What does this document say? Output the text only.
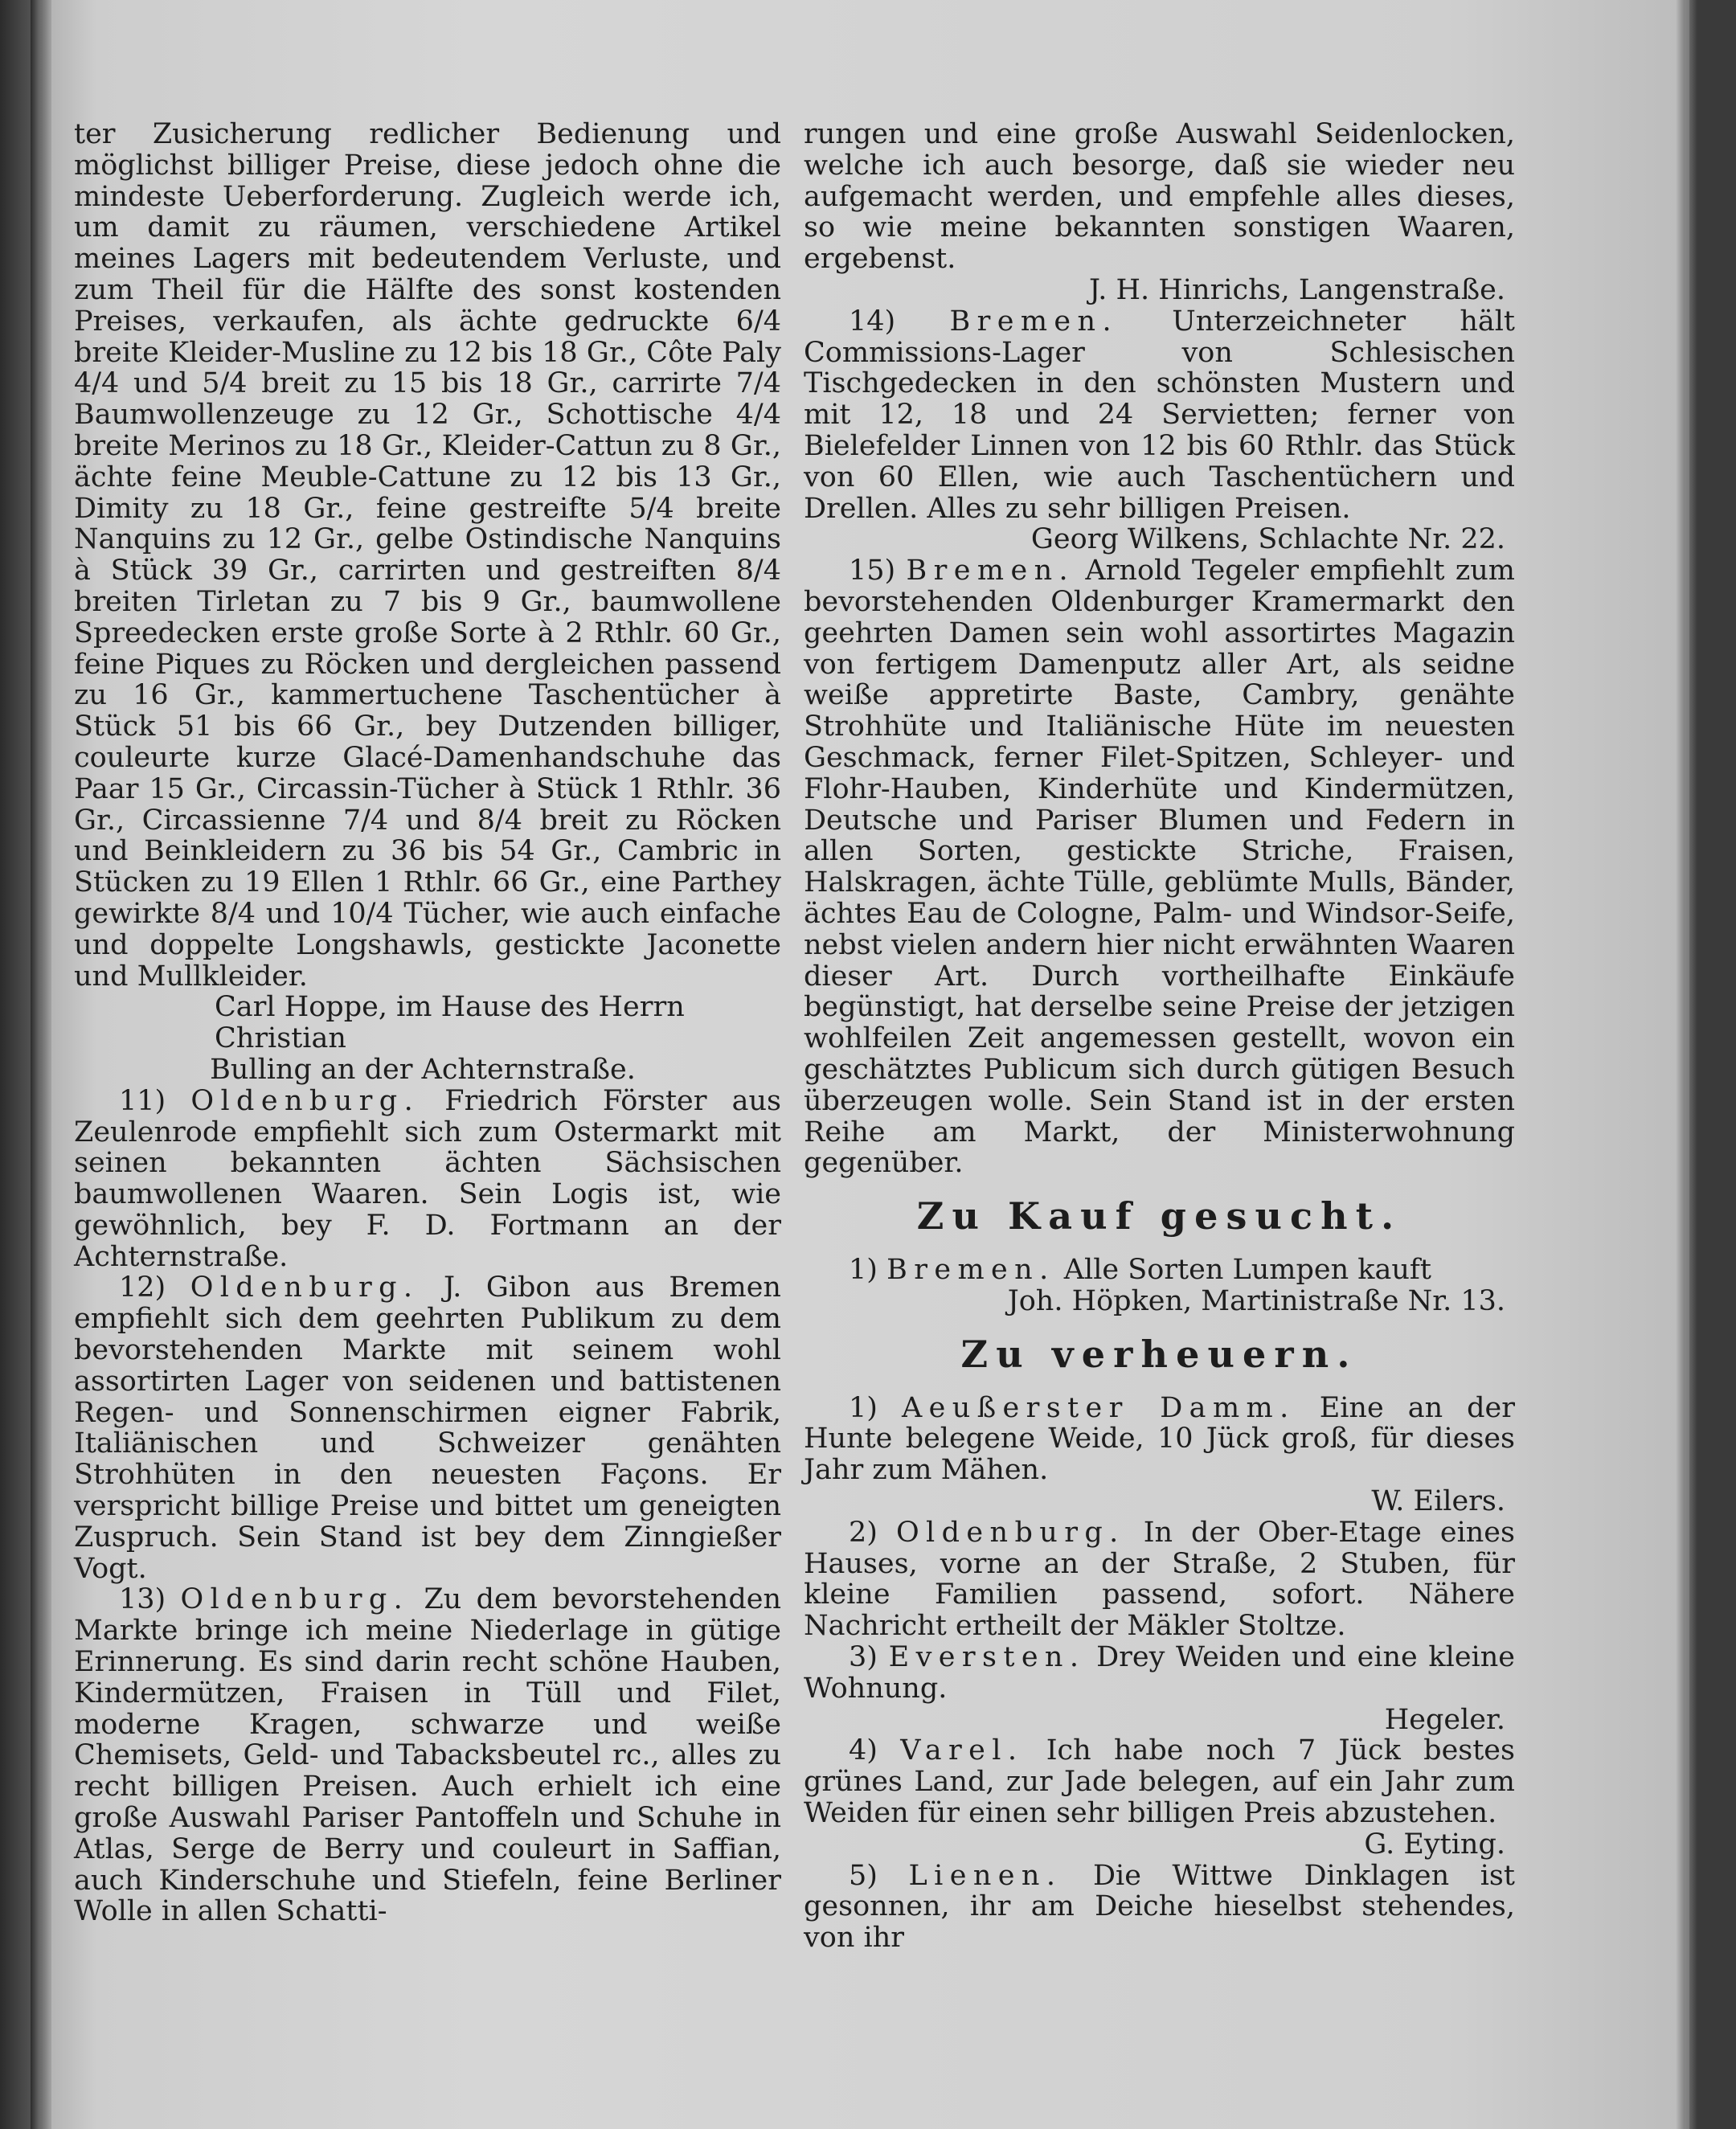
ter Zusicherung redlicher Bedienung und möglichst billiger Preise, diese jedoch ohne die mindeste Ueberforderung. Zugleich werde ich, um damit zu räumen, verschiedene Artikel meines Lagers mit bedeutendem Verluste, und zum Theil für die Hälfte des sonst kostenden Preises, verkaufen, als ächte gedruckte 6/4 breite Kleider-Musline zu 12 bis 18 Gr., Côte Paly 4/4 und 5/4 breit zu 15 bis 18 Gr., carrirte 7/4 Baumwollenzeuge zu 12 Gr., Schottische 4/4 breite Merinos zu 18 Gr., Kleider-Cattun zu 8 Gr., ächte feine Meuble-Cattune zu 12 bis 13 Gr., Dimity zu 18 Gr., feine gestreifte 5/4 breite Nanquins zu 12 Gr., gelbe Ostindische Nanquins à Stück 39 Gr., carrirten und gestreiften 8/4 breiten Tirletan zu 7 bis 9 Gr., baumwollene Spreedecken erste große Sorte à 2 Rthlr. 60 Gr., feine Piques zu Röcken und dergleichen passend zu 16 Gr., kammertuchene Taschentücher à Stück 51 bis 66 Gr., bey Dutzenden billiger, couleurte kurze Glacé-Damenhandschuhe das Paar 15 Gr., Circassin-Tücher à Stück 1 Rthlr. 36 Gr., Circassienne 7/4 und 8/4 breit zu Röcken und Beinkleidern zu 36 bis 54 Gr., Cambric in Stücken zu 19 Ellen 1 Rthlr. 66 Gr., eine Parthey gewirkte 8/4 und 10/4 Tücher, wie auch einfache und doppelte Longshawls, gestickte Jaconette und Mullkleider.

Carl Hoppe, im Hause des Herrn Christian
Bulling an der Achternstraße.

11) Oldenburg. Friedrich Förster aus Zeulenrode empfiehlt sich zum Ostermarkt mit seinen bekannten ächten Sächsischen baumwollenen Waaren. Sein Logis ist, wie gewöhnlich, bey F. D. Fortmann an der Achternstraße.

12) Oldenburg. J. Gibon aus Bremen empfiehlt sich dem geehrten Publikum zu dem bevorstehenden Markte mit seinem wohl assortirten Lager von seidenen und battistenen Regen- und Sonnenschirmen eigner Fabrik, Italiänischen und Schweizer genähten Strohhüten in den neuesten Façons. Er verspricht billige Preise und bittet um geneigten Zuspruch. Sein Stand ist bey dem Zinngießer Vogt.

13) Oldenburg. Zu dem bevorstehenden Markte bringe ich meine Niederlage in gütige Erinnerung. Es sind darin recht schöne Hauben, Kindermützen, Fraisen in Tüll und Filet, moderne Kragen, schwarze und weiße Chemisets, Geld- und Tabacksbeutel rc., alles zu recht billigen Preisen. Auch erhielt ich eine große Auswahl Pariser Pantoffeln und Schuhe in Atlas, Serge de Berry und couleurt in Saffian, auch Kinderschuhe und Stiefeln, feine Berliner Wolle in allen Schatti-

rungen und eine große Auswahl Seidenlocken, welche ich auch besorge, daß sie wieder neu aufgemacht werden, und empfehle alles dieses, so wie meine bekannten sonstigen Waaren, ergebenst.

J. H. Hinrichs, Langenstraße.

14) Bremen. Unterzeichneter hält Commissions-Lager von Schlesischen Tischgedecken in den schönsten Mustern und mit 12, 18 und 24 Servietten; ferner von Bielefelder Linnen von 12 bis 60 Rthlr. das Stück von 60 Ellen, wie auch Taschentüchern und Drellen. Alles zu sehr billigen Preisen.

Georg Wilkens, Schlachte Nr. 22.

15) Bremen. Arnold Tegeler empfiehlt zum bevorstehenden Oldenburger Kramermarkt den geehrten Damen sein wohl assortirtes Magazin von fertigem Damenputz aller Art, als seidne weiße appretirte Baste, Cambry, genähte Strohhüte und Italiänische Hüte im neuesten Geschmack, ferner Filet-Spitzen, Schleyer- und Flohr-Hauben, Kinderhüte und Kindermützen, Deutsche und Pariser Blumen und Federn in allen Sorten, gestickte Striche, Fraisen, Halskragen, ächte Tülle, geblümte Mulls, Bänder, ächtes Eau de Cologne, Palm- und Windsor-Seife, nebst vielen andern hier nicht erwähnten Waaren dieser Art. Durch vortheilhafte Einkäufe begünstigt, hat derselbe seine Preise der jetzigen wohlfeilen Zeit angemessen gestellt, wovon ein geschätztes Publicum sich durch gütigen Besuch überzeugen wolle. Sein Stand ist in der ersten Reihe am Markt, der Ministerwohnung gegenüber.

Zu Kauf gesucht.

1) Bremen. Alle Sorten Lumpen kauft

Joh. Höpken, Martinistraße Nr. 13.
Zu verheuern.

1) Aeußerster Damm. Eine an der Hunte belegene Weide, 10 Jück groß, für dieses Jahr zum Mähen.

W. Eilers.

2) Oldenburg. In der Ober-Etage eines Hauses, vorne an der Straße, 2 Stuben, für kleine Familien passend, sofort. Nähere Nachricht ertheilt der Mäkler Stoltze.

3) Eversten. Drey Weiden und eine kleine Wohnung.

Hegeler.

4) Varel. Ich habe noch 7 Jück bestes grünes Land, zur Jade belegen, auf ein Jahr zum Weiden für einen sehr billigen Preis abzustehen.

G. Eyting.

5) Lienen. Die Wittwe Dinklagen ist gesonnen, ihr am Deiche hieselbst stehendes, von ihr
